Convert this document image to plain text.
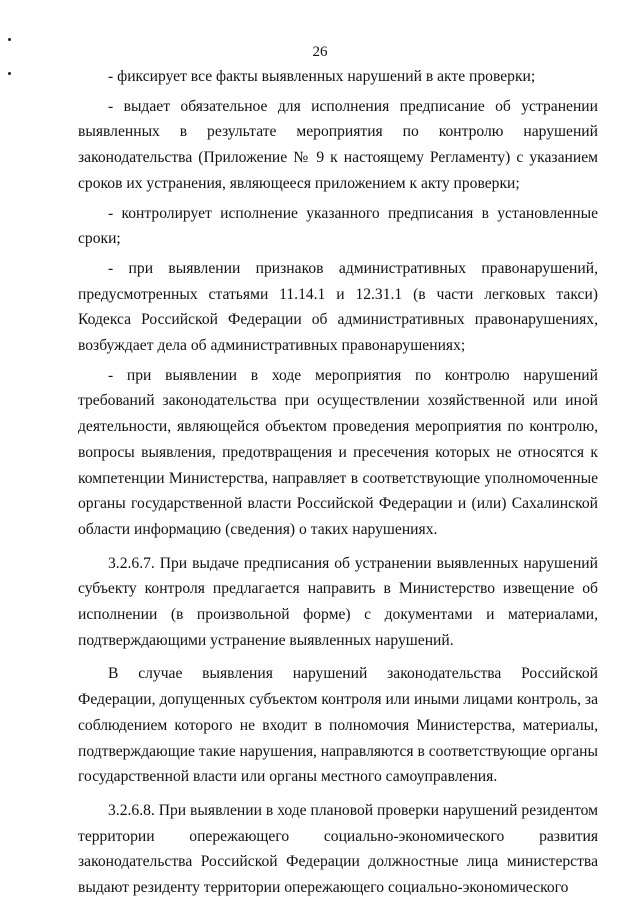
26

- фиксирует все факты выявленных нарушений в акте проверки;

- выдает обязательное для исполнения предписание об устранении выявленных в результате мероприятия по контролю нарушений законодательства (Приложение № 9 к настоящему Регламенту) с указанием сроков их устранения, являющееся приложением к акту проверки;

- контролирует исполнение указанного предписания в установленные сроки;

- при выявлении признаков административных правонарушений, предусмотренных статьями 11.14.1 и 12.31.1 (в части легковых такси) Кодекса Российской Федерации об административных правонарушениях, возбуждает дела об административных правонарушениях;

- при выявлении в ходе мероприятия по контролю нарушений требований законодательства при осуществлении хозяйственной или иной деятельности, являющейся объектом проведения мероприятия по контролю, вопросы выявления, предотвращения и пресечения которых не относятся к компетенции Министерства, направляет в соответствующие уполномоченные органы государственной власти Российской Федерации и (или) Сахалинской области информацию (сведения) о таких нарушениях.

3.2.6.7. При выдаче предписания об устранении выявленных нарушений субъекту контроля предлагается направить в Министерство извещение об исполнении (в произвольной форме) с документами и материалами, подтверждающими устранение выявленных нарушений.

В случае выявления нарушений законодательства Российской Федерации, допущенных субъектом контроля или иными лицами контроль, за соблюдением которого не входит в полномочия Министерства, материалы, подтверждающие такие нарушения, направляются в соответствующие органы государственной власти или органы местного самоуправления.

3.2.6.8. При выявлении в ходе плановой проверки нарушений резидентом территории опережающего социально-экономического развития законодательства Российской Федерации должностные лица министерства выдают резиденту территории опережающего социально-экономического
